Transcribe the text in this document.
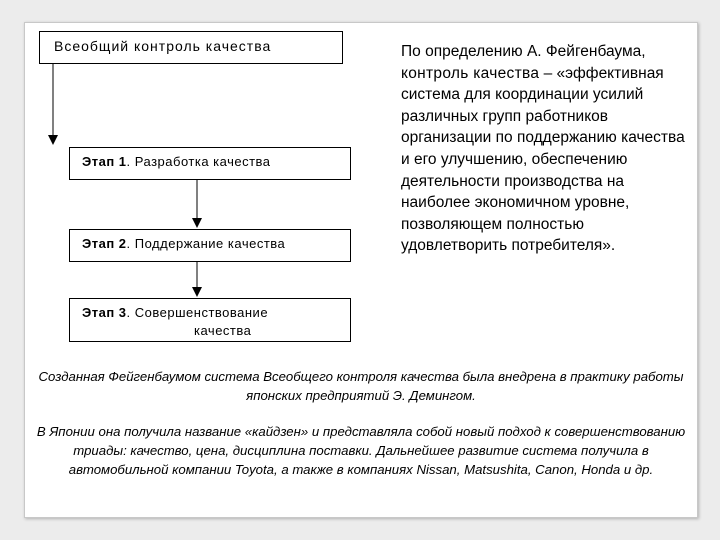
Всеобщий контроль качества
Этап 1. Разработка качества
Этап 2. Поддержание качества
Этап 3. Совершенствование
качества
По определению А. Фейгенбаума, контроль качества – «эффективная система для координации усилий различных групп работников организации по поддержанию качества и его улучшению, обеспечению деятельности производства на наиболее экономичном уровне, позволяющем полностью удовлетворить потребителя».
Созданная Фейгенбаумом система Всеобщего контроля качества была внедрена в практику работы японских предприятий Э. Демингом.
В Японии она получила название «кайдзен» и представляла собой новый подход к совершенствованию триады: качество, цена, дисциплина поставки. Дальнейшее развитие система получила в автомобильной компании Toyota, а также в компаниях Nissan, Matsushita, Canon, Honda и др.
